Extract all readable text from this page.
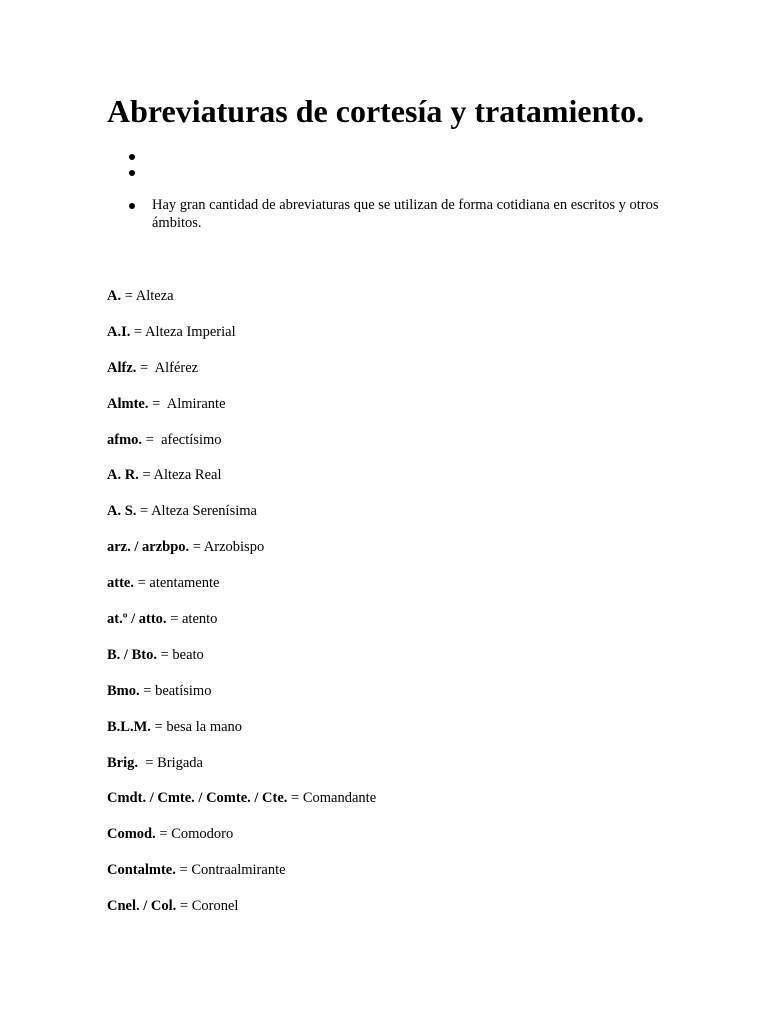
Abreviaturas de cortesía y tratamiento.

Hay gran cantidad de abreviaturas que se utilizan de forma cotidiana en escritos y otros ámbitos.

A. = Alteza
A.I. = Alteza Imperial
Alfz. =  Alférez
Almte. =  Almirante
afmo. =  afectísimo
A. R. = Alteza Real
A. S. = Alteza Serenísima
arz. / arzbpo. = Arzobispo
atte. = atentamente
at.º / atto. = atento
B. / Bto. = beato
Bmo. = beatísimo
B.L.M. = besa la mano
Brig.  = Brigada
Cmdt. / Cmte. / Comte. / Cte. = Comandante
Comod. = Comodoro
Contalmte. = Contraalmirante
Cnel. / Col. = Coronel
